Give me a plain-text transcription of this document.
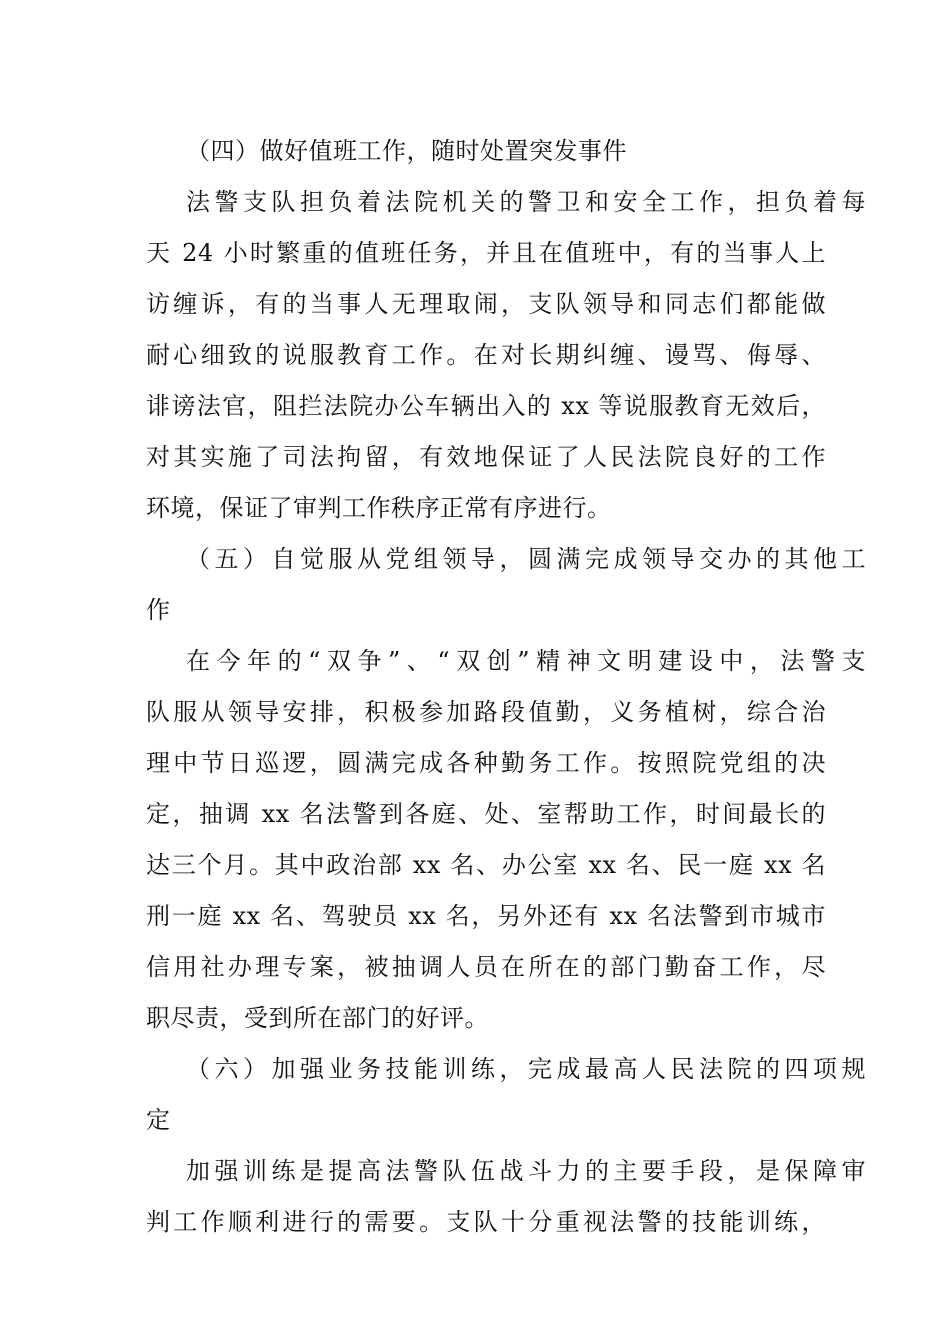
（四）做好值班工作，随时处置突发事件
法警支队担负着法院机关的警卫和安全工作，担负着每
天 24 小时繁重的值班任务，并且在值班中，有的当事人上
访缠诉，有的当事人无理取闹，支队领导和同志们都能做
耐心细致的说服教育工作。在对长期纠缠、谩骂、侮辱、
诽谤法官，阻拦法院办公车辆出入的 xx 等说服教育无效后，
对其实施了司法拘留，有效地保证了人民法院良好的工作
环境，保证了审判工作秩序正常有序进行。
（五）自觉服从党组领导，圆满完成领导交办的其他工
作
在今年的“双争”、“双创”精神文明建设中，法警支
队服从领导安排，积极参加路段值勤，义务植树，综合治
理中节日巡逻，圆满完成各种勤务工作。按照院党组的决
定，抽调 xx 名法警到各庭、处、室帮助工作，时间最长的
达三个月。其中政治部 xx 名、办公室 xx 名、民一庭 xx 名
刑一庭 xx 名、驾驶员 xx 名，另外还有 xx 名法警到市城市
信用社办理专案，被抽调人员在所在的部门勤奋工作，尽
职尽责，受到所在部门的好评。
（六）加强业务技能训练，完成最高人民法院的四项规
定
加强训练是提高法警队伍战斗力的主要手段，是保障审
判工作顺利进行的需要。支队十分重视法警的技能训练，
